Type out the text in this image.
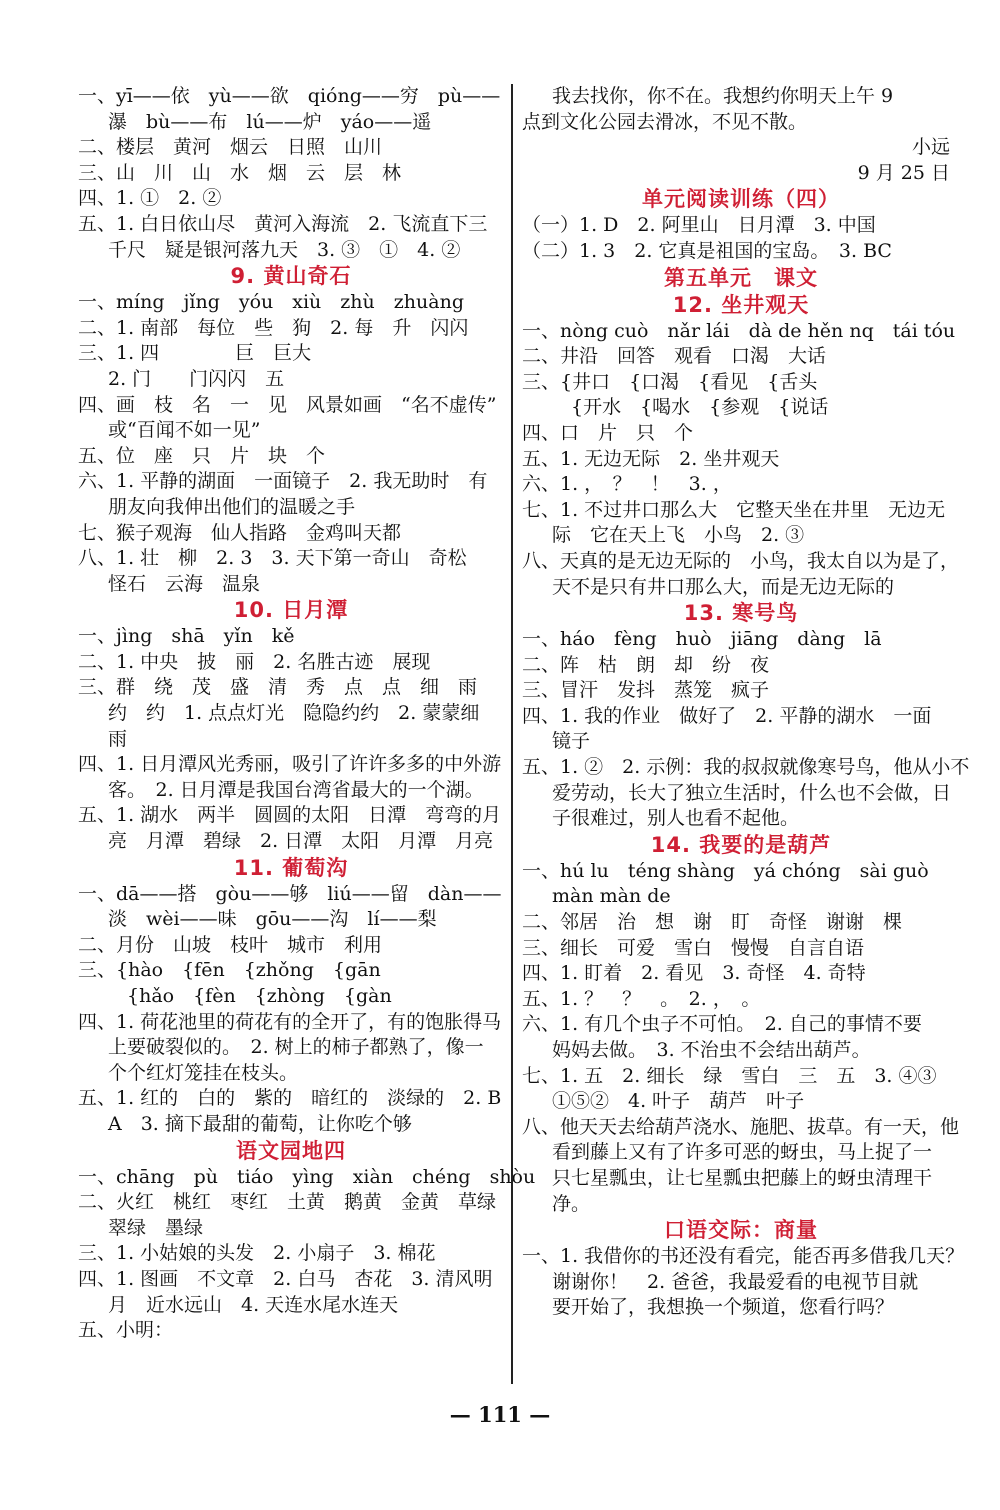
一、yī——依　yù——欲　qióng——穷　pù——
瀑　bù——布　lú——炉　yáo——遥
二、楼层　黄河　烟云　日照　山川
三、山　川　山　水　烟　云　层　林
四、1. ①　2. ②
五、1. 白日依山尽　黄河入海流　2. 飞流直下三
千尺　疑是银河落九天　3. ③　①　4. ②
9. 黄山奇石
一、míng　jǐng　yóu　xiù　zhù　zhuàng
二、1. 南部　每位　些　狗　2. 每　升　闪闪
三、1. 四　　　　巨　巨大
2. 门　　门闪闪　五
四、画　枝　名　一　见　风景如画　“名不虚传”
或“百闻不如一见”
五、位　座　只　片　块　个
六、1. 平静的湖面　一面镜子　2. 我无助时　有
朋友向我伸出他们的温暖之手
七、猴子观海　仙人指路　金鸡叫天都
八、1. 壮　柳　2. 3　3. 天下第一奇山　奇松
怪石　云海　温泉
10. 日月潭
一、jìng　shā　yǐn　kě
二、1. 中央　披　丽　2. 名胜古迹　展现
三、群　绕　茂　盛　清　秀　点　点　细　雨
约　约　1. 点点灯光　隐隐约约　2. 蒙蒙细
雨
四、1. 日月潭风光秀丽，吸引了许许多多的中外游
客。　2. 日月潭是我国台湾省最大的一个湖。
五、1. 湖水　两半　圆圆的太阳　日潭　弯弯的月
亮　月潭　碧绿　2. 日潭　太阳　月潭　月亮
11. 葡萄沟
一、dā——搭　gòu——够　liú——留　dàn——
淡　wèi——味　gōu——沟　lí——梨
二、月份　山坡　枝叶　城市　利用
三、{hào　{fēn　{zhǒng　{gān
　{hǎo　{fèn　{zhòng　{gàn
四、1. 荷花池里的荷花有的全开了，有的饱胀得马
上要破裂似的。　2. 树上的柿子都熟了，像一
个个红灯笼挂在枝头。
五、1. 红的　白的　紫的　暗红的　淡绿的　2. B
A　3. 摘下最甜的葡萄，让你吃个够
语文园地四
一、chāng　pù　tiáo　yìng　xiàn　chéng　shòu
二、火红　桃红　枣红　土黄　鹅黄　金黄　草绿
翠绿　墨绿
三、1. 小姑娘的头发　2. 小扇子　3. 棉花
四、1. 图画　不文章　2. 白马　杏花　3. 清风明
月　近水远山　4. 天连水尾水连天
五、小明：
我去找你，你不在。我想约你明天上午 9
点到文化公园去滑冰，不见不散。
小远
9 月 25 日
单元阅读训练（四）
（一）1. D　2. 阿里山　日月潭　3. 中国
（二）1. 3　2. 它真是祖国的宝岛。　3. BC
第五单元　课文
12. 坐井观天
一、nòng cuò　nǎr lái　dà de hěn nq　tái tóu
二、井沿　回答　观看　口渴　大话
三、{井口　{口渴　{看见　{舌头
　{开水　{喝水　{参观　{说话
四、口　片　只　个
五、1. 无边无际　2. 坐井观天
六、1. ，　？　！　3. ，
七、1. 不过井口那么大　它整天坐在井里　无边无
际　它在天上飞　小鸟　2. ③
八、天真的是无边无际的　小鸟，我太自以为是了，
天不是只有井口那么大，而是无边无际的
13. 寒号鸟
一、háo　fèng　huò　jiāng　dàng　lā
二、阵　枯　朗　却　纷　夜
三、冒汗　发抖　蒸笼　疯子
四、1. 我的作业　做好了　2. 平静的湖水　一面
镜子
五、1. ②　2. 示例：我的叔叔就像寒号鸟，他从小不
爱劳动，长大了独立生活时，什么也不会做，日
子很难过，别人也看不起他。
14. 我要的是葫芦
一、hú lu　téng shàng　yá chóng　sài guò
màn màn de
二、邻居　治　想　谢　盯　奇怪　谢谢　棵
三、细长　可爱　雪白　慢慢　自言自语
四、1. 盯着　2. 看见　3. 奇怪　4. 奇特
五、1. ？　？　。　2. ，　。
六、1. 有几个虫子不可怕。　2. 自己的事情不要
妈妈去做。　3. 不治虫不会结出葫芦。
七、1. 五　2. 细长　绿　雪白　三　五　3. ④③
①⑤②　4. 叶子　葫芦　叶子
八、他天天去给葫芦浇水、施肥、拔草。有一天，他
看到藤上又有了许多可恶的蚜虫，马上捉了一
只七星瓢虫，让七星瓢虫把藤上的蚜虫清理干
净。
口语交际：商量
一、1. 我借你的书还没有看完，能否再多借我几天？
谢谢你！　2. 爸爸，我最爱看的电视节目就
要开始了，我想换一个频道，您看行吗？
— 111 —
